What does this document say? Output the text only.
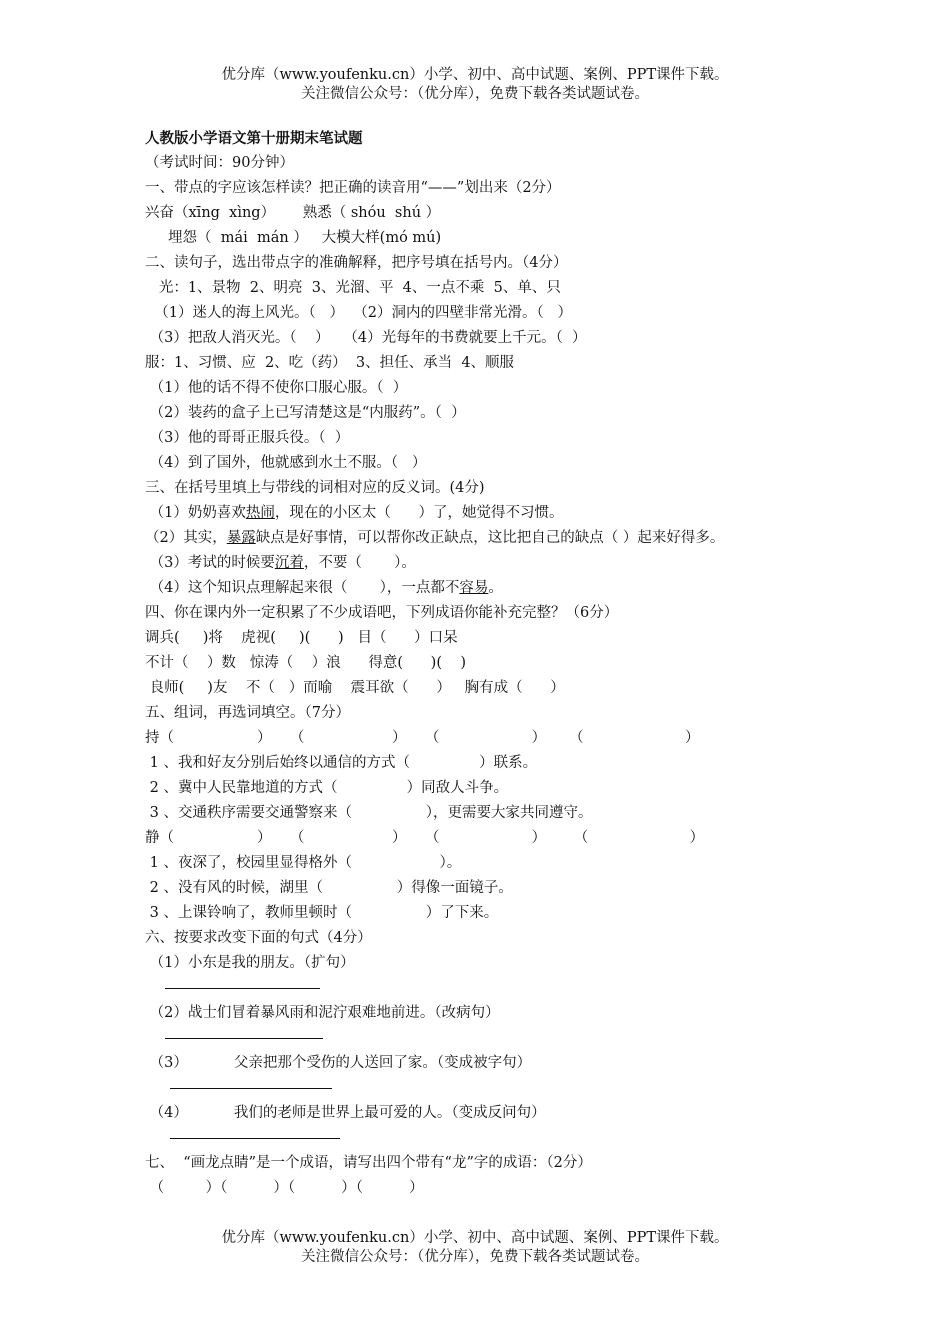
优分库（www.youfenku.cn）小学、初中、高中试题、案例、PPT课件下载。
关注微信公众号：（优分库），免费下载各类试题试卷。
人教版小学语文第十册期末笔试题
（考试时间：90分钟）
一、带点的字应该怎样读？把正确的读音用“——”划出来（2分）
兴奋（xīng  xìng）      熟悉（ shóu  shú ）
埋怨（  mái  mán ）   大模大样(mó mú)
二、读句子，选出带点字的准确解释，把序号填在括号内。（4分）
光：1、景物  2、明亮  3、光溜、平  4、一点不乘  5、单、只
（1）迷人的海上风光。（   ）  （2）洞内的四壁非常光滑。（   ）
（3）把敌人消灭光。（    ）   （4）光每年的书费就要上千元。（  ）
服：1、习惯、应  2、吃（药）  3、担任、承当  4、顺服
（1）他的话不得不使你口服心服。（  ）
（2）装药的盒子上已写清楚这是“内服药”。（  ）
（3）他的哥哥正服兵役。（  ）
（4）到了国外，他就感到水土不服。（   ）
三、在括号里填上与带线的词相对应的反义词。(4分)
（1）奶奶喜欢热闹，现在的小区太（      ）了，她觉得不习惯。
（2）其实，暴露缺点是好事情，可以帮你改正缺点，这比把自己的缺点（ ）起来好得多。
（3）考试的时候要沉着，不要（       ）。
（4）这个知识点理解起来很（       ），一点都不容易。
四、你在课内外一定积累了不少成语吧，下列成语你能补充完整？（6分）
调兵(     )将    虎视(     )(      )   目（      ）口呆
不计（    ）数   惊涛（    ）浪      得意(      )(    )
良师(     )友    不（   ）而喻    震耳欲（      ）   胸有成（      ）
五、组词，再选词填空。（7分）
持（                  ）    （                   ）    （                    ）     （                      ）
1 、我和好友分别后始终以通信的方式（               ）联系。
2 、冀中人民靠地道的方式（               ）同敌人斗争。
3 、交通秩序需要交通警察来（                ），更需要大家共同遵守。
静（                  ）    （                   ）    （                    ）      （                      ）
1 、夜深了，校园里显得格外（                   ）。
2 、没有风的时候，湖里（                ）得像一面镜子。
3 、上课铃响了，教师里顿时（                ）了下来。
六、按要求改变下面的句式（4分）
（1）小东是我的朋友。（扩句）
（2）战士们冒着暴风雨和泥泞艰难地前进。（改病句）
（3）          父亲把那个受伤的人送回了家。（变成被字句）
（4）          我们的老师是世界上最可爱的人。（变成反问句）
七、  “画龙点睛”是一个成语，请写出四个带有“龙”字的成语：（2分）
（         ）（          ）（          ）（          ）
优分库（www.youfenku.cn）小学、初中、高中试题、案例、PPT课件下载。
关注微信公众号：（优分库），免费下载各类试题试卷。
